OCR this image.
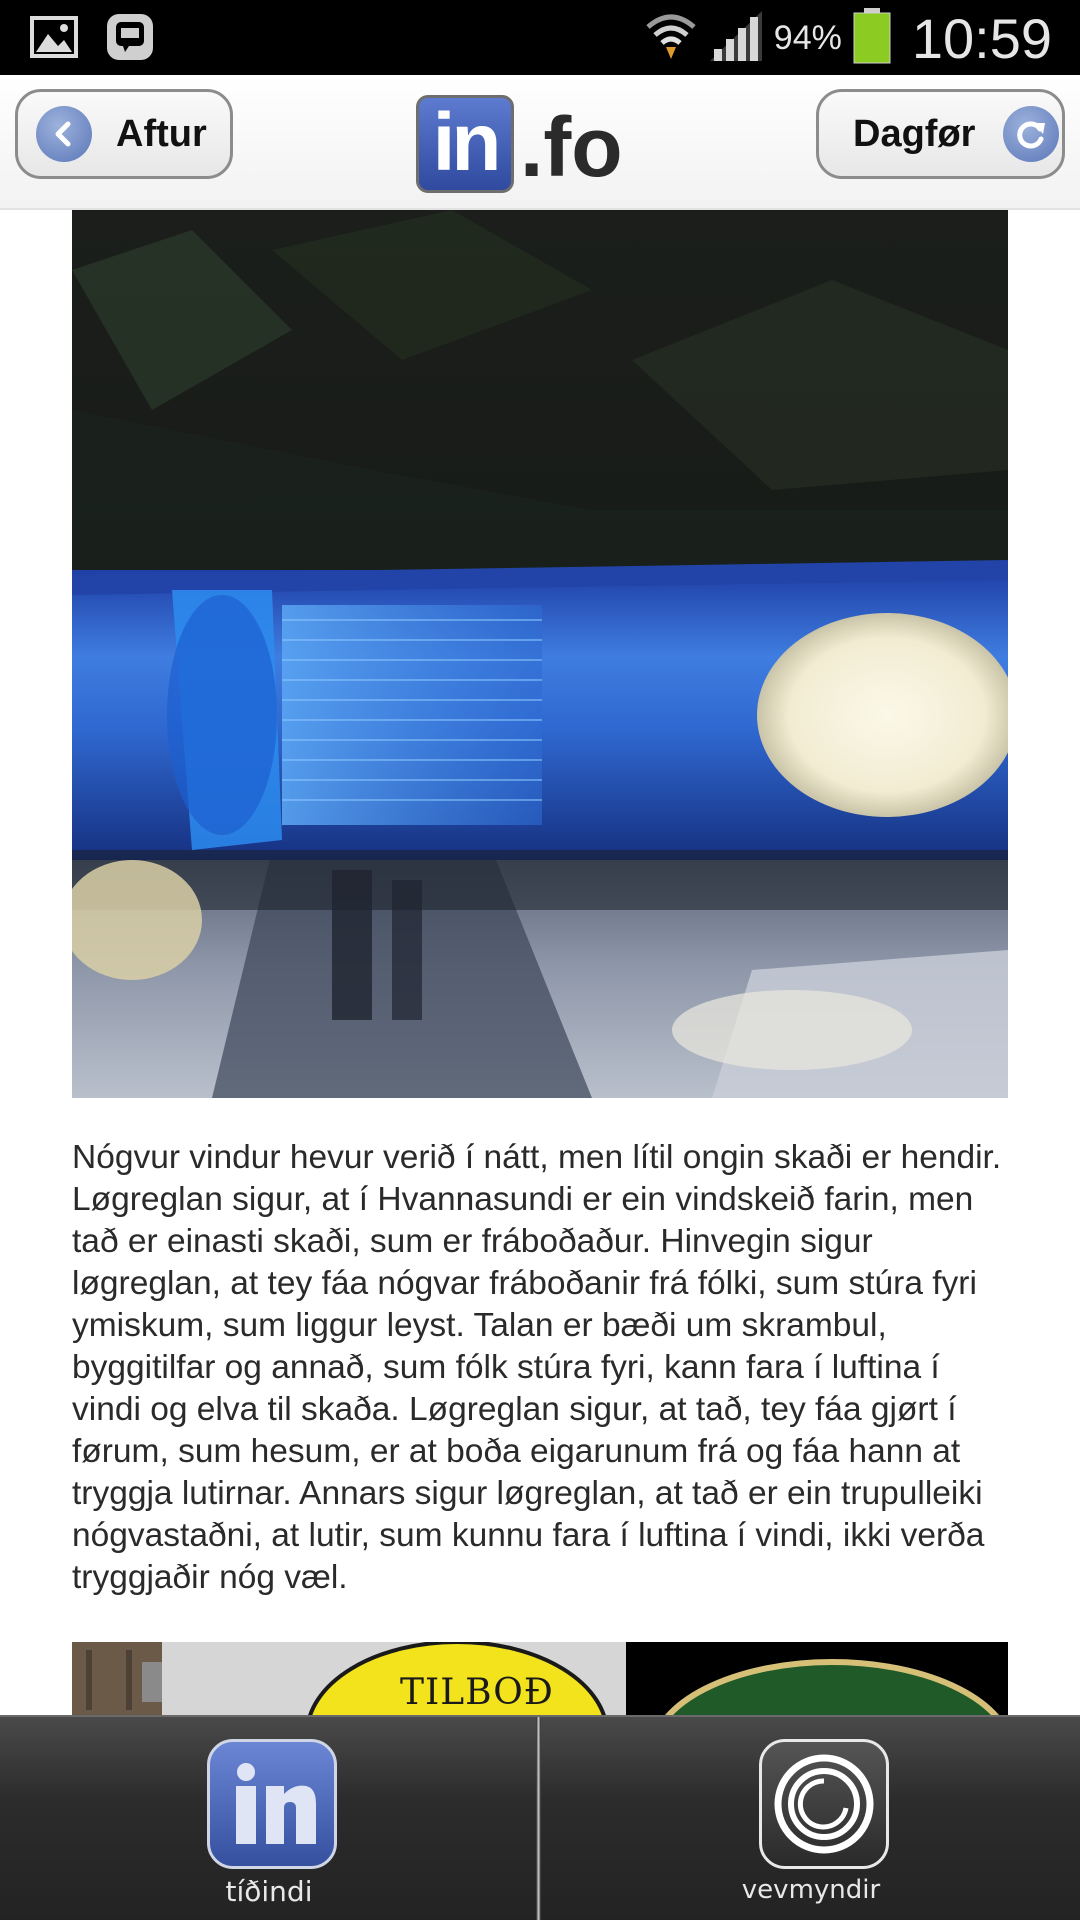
94% 10:59
Aftur	in .fo	Dagfør

Nógvur vindur hevur verið í nátt, men lítil ongin skaði er hendir. Løgreglan sigur, at í Hvannasundi er ein vindskeið farin, men tað er einasti skaði, sum er fráboðaður. Hinvegin sigur løgreglan, at tey fáa nógvar fráboðanir frá fólki, sum stúra fyri ymiskum, sum liggur leyst. Talan er bæði um skrambul, byggitilfar og annað, sum fólk stúra fyri, kann fara í luftina í vindi og elva til skaða. Løgreglan sigur, at tað, tey fáa gjørt í førum, sum hesum, er at boða eigarunum frá og fáa hann at tryggja lutirnar. Annars sigur løgreglan, at tað er ein trupulleiki nógvastaðni, at lutir, sum kunnu fara í luftina í vindi, ikki verða tryggjaðir nóg væl.

TILBOÐ
tíðindi	vevmyndir
